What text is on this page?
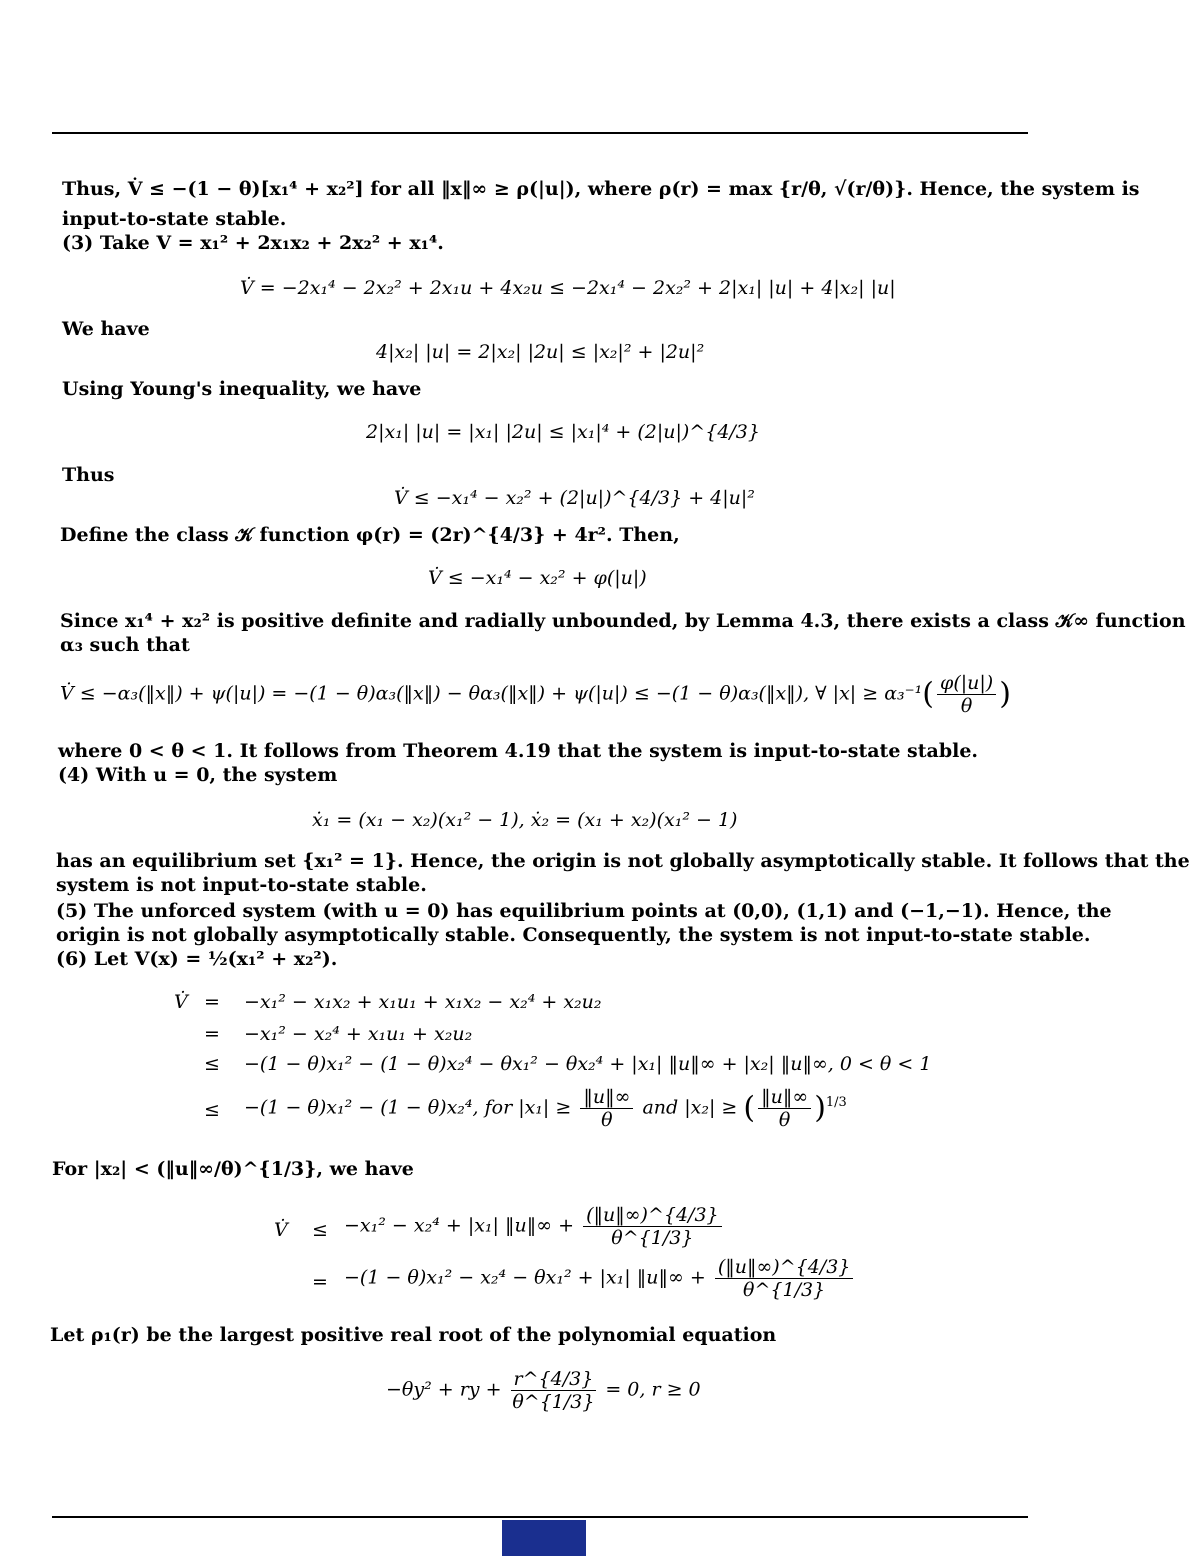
Thus, V̇ ≤ −(1 − θ)[x₁⁴ + x₂²] for all ‖x‖∞ ≥ ρ(|u|), where ρ(r) = max {r/θ, √(r/θ)}. Hence, the system is
input-to-state stable.
(3) Take V = x₁² + 2x₁x₂ + 2x₂² + x₁⁴.
V̇ = −2x₁⁴ − 2x₂² + 2x₁u + 4x₂u ≤ −2x₁⁴ − 2x₂² + 2|x₁| |u| + 4|x₂| |u|
We have
4|x₂| |u| = 2|x₂| |2u| ≤ |x₂|² + |2u|²
Using Young's inequality, we have
2|x₁| |u| = |x₁| |2u| ≤ |x₁|⁴ + (2|u|)^{4/3}
Thus
V̇ ≤ −x₁⁴ − x₂² + (2|u|)^{4/3} + 4|u|²
Define the class 𝒦 function φ(r) = (2r)^{4/3} + 4r². Then,
V̇ ≤ −x₁⁴ − x₂² + φ(|u|)
Since x₁⁴ + x₂² is positive definite and radially unbounded, by Lemma 4.3, there exists a class 𝒦∞ function
α₃ such that
V̇ ≤ −α₃(‖x‖) + ψ(|u|) = −(1 − θ)α₃(‖x‖) − θα₃(‖x‖) + ψ(|u|) ≤ −(1 − θ)α₃(‖x‖), ∀ $|x| \ge \alpha_3^{-1}( \frac{\varphi(|u|)}{\theta}$ )
where 0 < θ < 1. It follows from Theorem 4.19 that the system is input-to-state stable.
(4) With u = 0, the system
ẋ₁ = (x₁ − x₂)(x₁² − 1), ẋ₂ = (x₁ + x₂)(x₁² − 1)
has an equilibrium set {x₁² = 1}. Hence, the origin is not globally asymptotically stable. It follows that the
system is not input-to-state stable.
(5) The unforced system (with u = 0) has equilibrium points at (0,0), (1,1) and (−1,−1). Hence, the
origin is not globally asymptotically stable. Consequently, the system is not input-to-state stable.
(6) Let V(x) = ½(x₁² + x₂²).
V̇ = −x₁² − x₁x₂ + x₁u₁ + x₁x₂ − x₂⁴ + x₂u₂
= −x₁² − x₂⁴ + x₁u₁ + x₂u₂
≤ −(1 − θ)x₁² − (1 − θ)x₂⁴ − θx₁² − θx₂⁴ + |x₁| ‖u‖∞ + |x₂| ‖u‖∞, 0 < θ < 1
≤ −(1 − θ)x₁² − (1 − θ)x₂⁴, for $|x_1| \ge \frac{‖u‖\infty}{\theta}$ and |x₂| ≥ ( $\frac{‖u‖\infty}{\theta} )^{1/3}$
For |x₂| < (‖u‖∞/θ)^{1/3}, we have
V̇ ≤ −x₁² − x₂⁴ + |x₁| ‖u‖∞ + $\frac{(‖u‖\infty)\^{}\{4/3\}}{\theta\^{}\{1/3\}}$
= −(1 − θ)x₁² − x₂⁴ − θx₁² + |x₁| ‖u‖∞ + $\frac{(‖u‖\infty)\^{}\{4/3\}}{\theta\^{}\{1/3\}}$
Let ρ₁(r) be the largest positive real root of the polynomial equation
−θy² + ry + $\frac{r\^{}\{4/3\}}{\theta\^{}\{1/3\}} = 0$, r ≥ 0
